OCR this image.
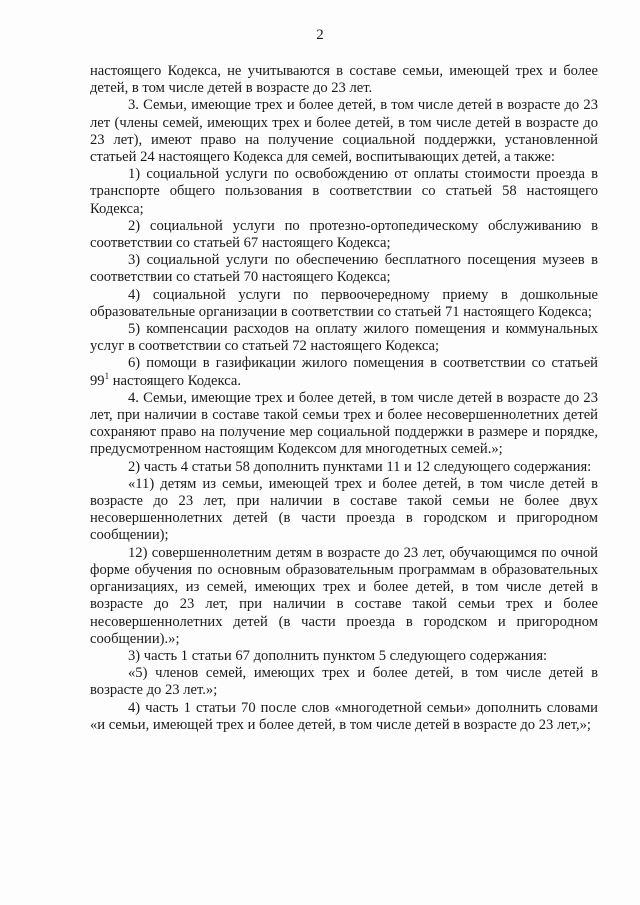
2

настоящего Кодекса, не учитываются в составе семьи, имеющей трех и более детей, в том числе детей в возрасте до 23 лет.

3. Семьи, имеющие трех и более детей, в том числе детей в возрасте до 23 лет (члены семей, имеющих трех и более детей, в том числе детей в возрасте до 23 лет), имеют право на получение социальной поддержки, установленной статьей 24 настоящего Кодекса для семей, воспитывающих детей, а также:

1) социальной услуги по освобождению от оплаты стоимости проезда в транспорте общего пользования в соответствии со статьей 58 настоящего Кодекса;

2) социальной услуги по протезно-ортопедическому обслуживанию в соответствии со статьей 67 настоящего Кодекса;

3) социальной услуги по обеспечению бесплатного посещения музеев в соответствии со статьей 70 настоящего Кодекса;

4) социальной услуги по первоочередному приему в дошкольные образовательные организации в соответствии со статьей 71 настоящего Кодекса;

5) компенсации расходов на оплату жилого помещения и коммунальных услуг в соответствии со статьей 72 настоящего Кодекса;

6) помощи в газификации жилого помещения в соответствии со статьей $99^1$ настоящего Кодекса.

4. Семьи, имеющие трех и более детей, в том числе детей в возрасте до 23 лет, при наличии в составе такой семьи трех и более несовершеннолетних детей сохраняют право на получение мер социальной поддержки в размере и порядке, предусмотренном настоящим Кодексом для многодетных семей.»;

2) часть 4 статьи 58 дополнить пунктами 11 и 12 следующего содержания:

«11) детям из семьи, имеющей трех и более детей, в том числе детей в возрасте до 23 лет, при наличии в составе такой семьи не более двух несовершеннолетних детей (в части проезда в городском и пригородном сообщении);

12) совершеннолетним детям в возрасте до 23 лет, обучающимся по очной форме обучения по основным образовательным программам в образовательных организациях, из семей, имеющих трех и более детей, в том числе детей в возрасте до 23 лет, при наличии в составе такой семьи трех и более несовершеннолетних детей (в части проезда в городском и пригородном сообщении).»;

3) часть 1 статьи 67 дополнить пунктом 5 следующего содержания:

«5) членов семей, имеющих трех и более детей, в том числе детей в возрасте до 23 лет.»;

4) часть 1 статьи 70 после слов «многодетной семьи» дополнить словами «и семьи, имеющей трех и более детей, в том числе детей в возрасте до 23 лет,»;
